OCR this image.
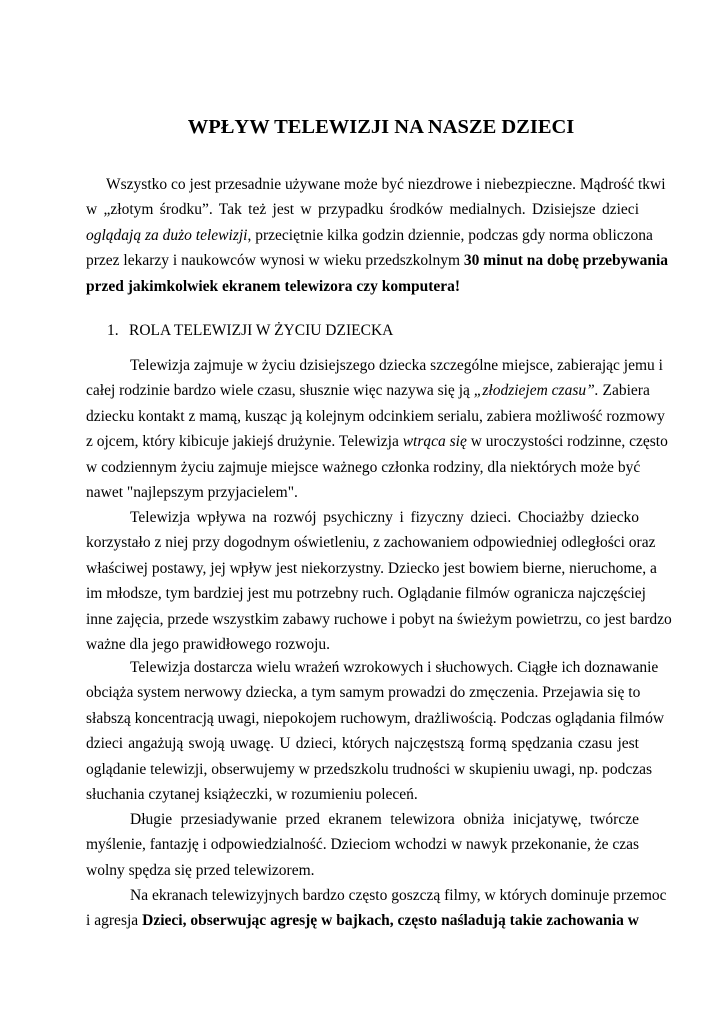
WPŁYW TELEWIZJI NA NASZE DZIECI
Wszystko co jest przesadnie używane może być niezdrowe i niebezpieczne. Mądrość tkwi
w „złotym środku”. Tak też jest w przypadku środków medialnych. Dzisiejsze dzieci
oglądają za dużo telewizji, przeciętnie kilka godzin dziennie, podczas gdy norma obliczona
przez lekarzy i naukowców wynosi w wieku przedszkolnym 30 minut na dobę przebywania
przed jakimkolwiek ekranem telewizora czy komputera!
1. ROLA TELEWIZJI W ŻYCIU DZIECKA
Telewizja zajmuje w życiu dzisiejszego dziecka szczególne miejsce, zabierając jemu i
całej rodzinie bardzo wiele czasu, słusznie więc nazywa się ją „złodziejem czasu”. Zabiera
dziecku kontakt z mamą, kusząc ją kolejnym odcinkiem serialu, zabiera możliwość rozmowy
z ojcem, który kibicuje jakiejś drużynie. Telewizja wtrąca się w uroczystości rodzinne, często
w codziennym życiu zajmuje miejsce ważnego członka rodziny, dla niektórych może być
nawet "najlepszym przyjacielem".
Telewizja wpływa na rozwój psychiczny i fizyczny dzieci. Chociażby dziecko
korzystało z niej przy dogodnym oświetleniu, z zachowaniem odpowiedniej odległości oraz
właściwej postawy, jej wpływ jest niekorzystny. Dziecko jest bowiem bierne, nieruchome, a
im młodsze, tym bardziej jest mu potrzebny ruch. Oglądanie filmów ogranicza najczęściej
inne zajęcia, przede wszystkim zabawy ruchowe i pobyt na świeżym powietrzu, co jest bardzo
ważne dla jego prawidłowego rozwoju.
Telewizja dostarcza wielu wrażeń wzrokowych i słuchowych. Ciągłe ich doznawanie
obciąża system nerwowy dziecka, a tym samym prowadzi do zmęczenia. Przejawia się to
słabszą koncentracją uwagi, niepokojem ruchowym, drażliwością. Podczas oglądania filmów
dzieci angażują swoją uwagę. U dzieci, których najczęstszą formą spędzania czasu jest
oglądanie telewizji, obserwujemy w przedszkolu trudności w skupieniu uwagi, np. podczas
słuchania czytanej książeczki, w rozumieniu poleceń.
Długie przesiadywanie przed ekranem telewizora obniża inicjatywę, twórcze
myślenie, fantazję i odpowiedzialność. Dzieciom wchodzi w nawyk przekonanie, że czas
wolny spędza się przed telewizorem.
Na ekranach telewizyjnych bardzo często goszczą filmy, w których dominuje przemoc
i agresja Dzieci, obserwując agresję w bajkach, często naśladują takie zachowania w
